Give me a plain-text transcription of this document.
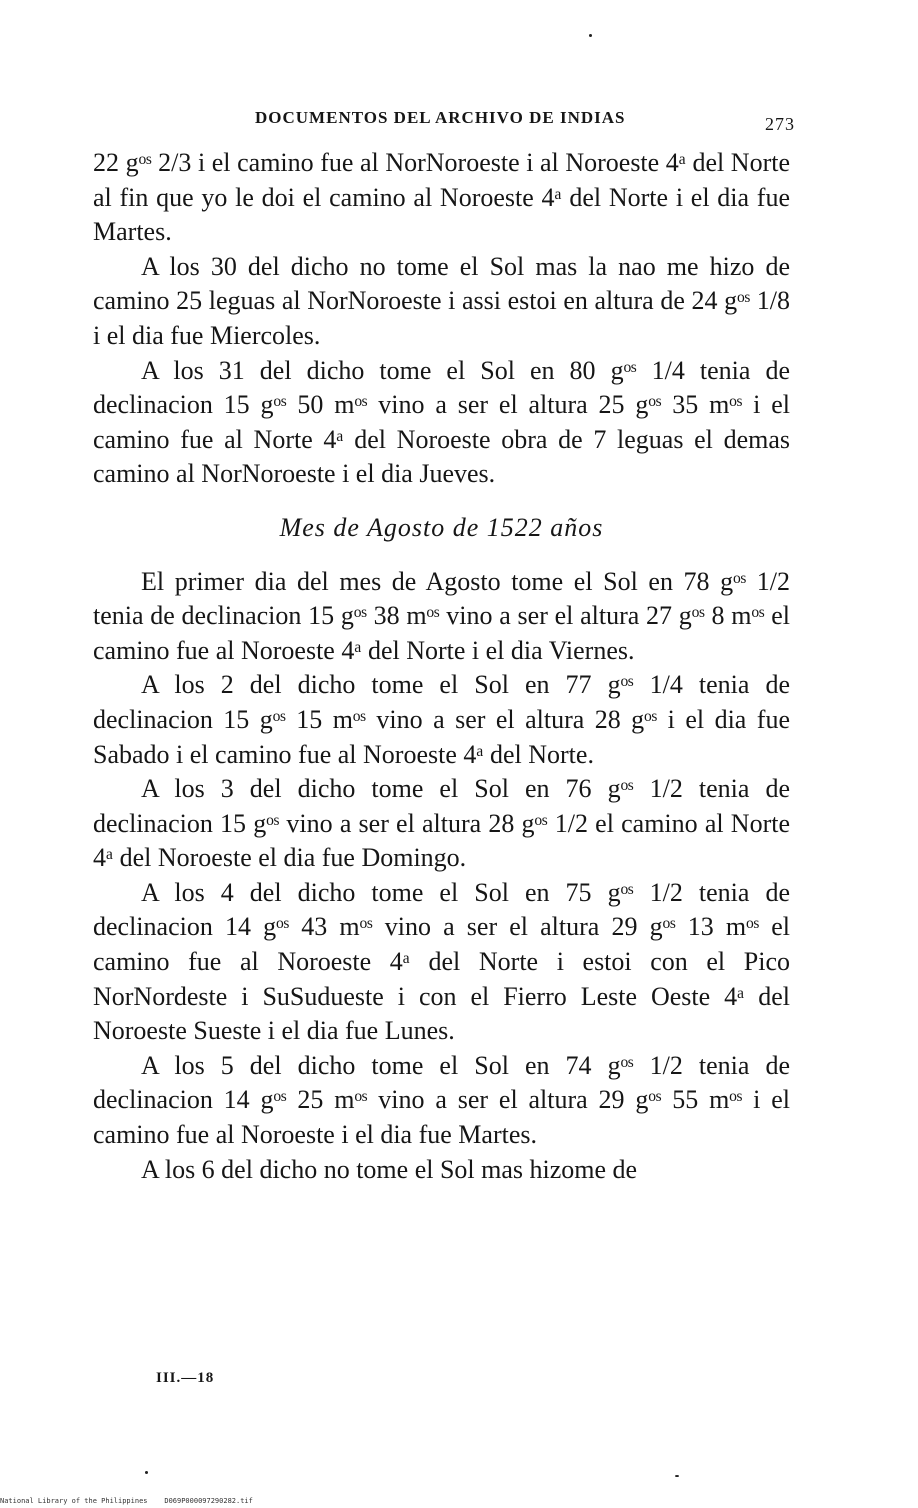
DOCUMENTOS DEL ARCHIVO DE INDIAS	273

22 gᵒˢ 2/3 i el camino fue al NorNoroeste i al Noroeste 4ᵃ del Norte al fin que yo le doi el camino al Noroeste 4ᵃ del Norte i el dia fue Martes.

A los 30 del dicho no tome el Sol mas la nao me hizo de camino 25 leguas al NorNoroeste i assi estoi en altura de 24 gᵒˢ 1/8 i el dia fue Miercoles.

A los 31 del dicho tome el Sol en 80 gᵒˢ 1/4 tenia de declinacion 15 gᵒˢ 50 mᵒˢ vino a ser el altura 25 gᵒˢ 35 mᵒˢ i el camino fue al Norte 4ᵃ del Noroeste obra de 7 leguas el demas camino al NorNoroeste i el dia Jueves.

Mes de Agosto de 1522 años

El primer dia del mes de Agosto tome el Sol en 78 gᵒˢ 1/2 tenia de declinacion 15 gᵒˢ 38 mᵒˢ vino a ser el altura 27 gᵒˢ 8 mᵒˢ el camino fue al Noroeste 4ᵃ del Norte i el dia Viernes.

A los 2 del dicho tome el Sol en 77 gᵒˢ 1/4 tenia de declinacion 15 gᵒˢ 15 mᵒˢ vino a ser el altura 28 gᵒˢ i el dia fue Sabado i el camino fue al Noroeste 4ᵃ del Norte.

A los 3 del dicho tome el Sol en 76 gᵒˢ 1/2 tenia de declinacion 15 gᵒˢ vino a ser el altura 28 gᵒˢ 1/2 el camino al Norte 4ᵃ del Noroeste el dia fue Domingo.

A los 4 del dicho tome el Sol en 75 gᵒˢ 1/2 tenia de declinacion 14 gᵒˢ 43 mᵒˢ vino a ser el altura 29 gᵒˢ 13 mᵒˢ el camino fue al Noroeste 4ᵃ del Norte i estoi con el Pico NorNordeste i SuSudueste i con el Fierro Leste Oeste 4ᵃ del Noroeste Sueste i el dia fue Lunes.

A los 5 del dicho tome el Sol en 74 gᵒˢ 1/2 tenia de declinacion 14 gᵒˢ 25 mᵒˢ vino a ser el altura 29 gᵒˢ 55 mᵒˢ i el camino fue al Noroeste i el dia fue Martes.

A los 6 del dicho no tome el Sol mas hizome de

III.—18
National Library of the Philippines    D069P000097290282.tif
